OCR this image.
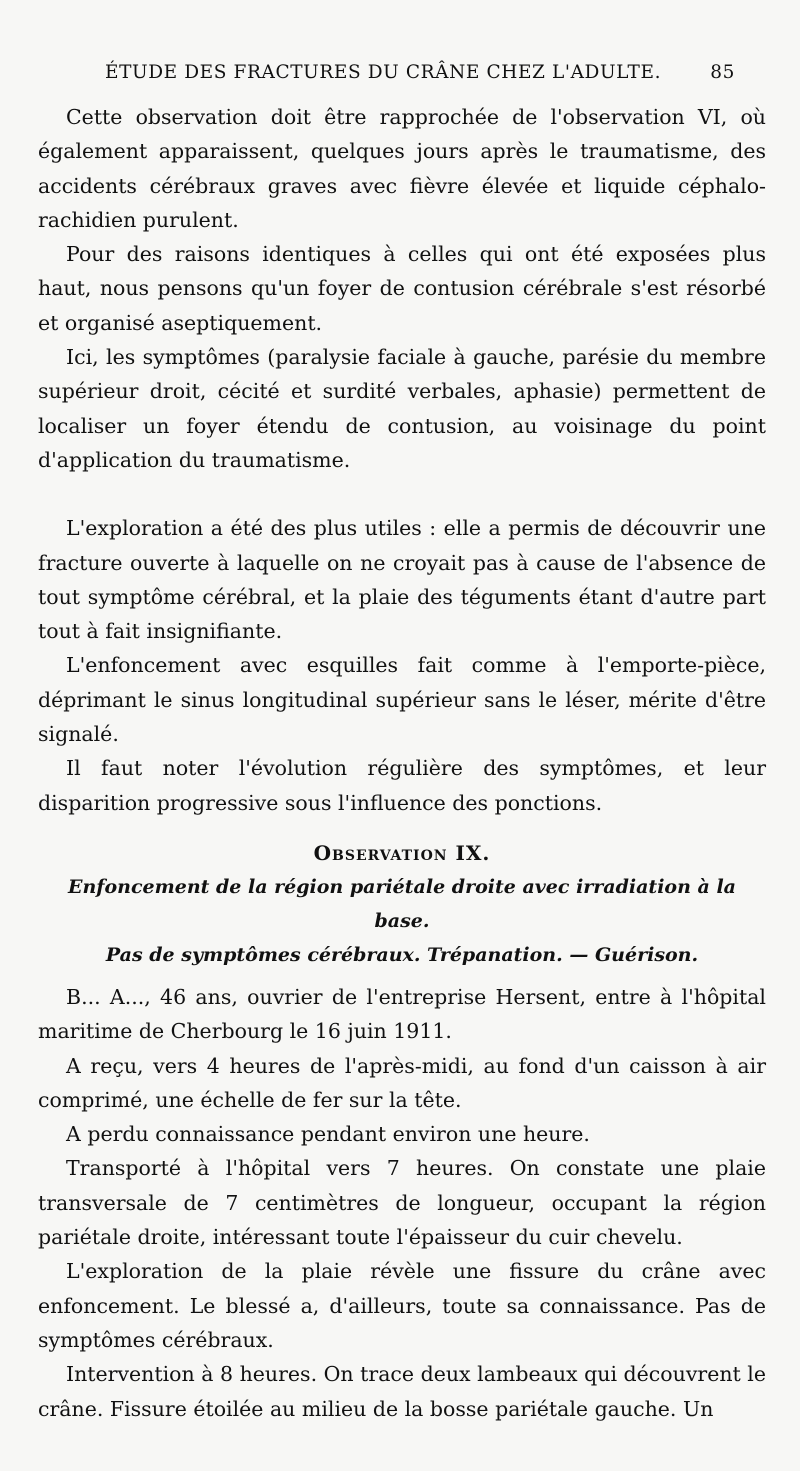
ÉTUDE DES FRACTURES DU CRÂNE CHEZ L'ADULTE.	85

Cette observation doit être rapprochée de l'observation VI, où également apparaissent, quelques jours après le traumatisme, des accidents cérébraux graves avec fièvre élevée et liquide céphalo-rachidien purulent.

Pour des raisons identiques à celles qui ont été exposées plus haut, nous pensons qu'un foyer de contusion cérébrale s'est résorbé et organisé aseptiquement.

Ici, les symptômes (paralysie faciale à gauche, parésie du membre supérieur droit, cécité et surdité verbales, aphasie) permettent de localiser un foyer étendu de contusion, au voisinage du point d'application du traumatisme.

L'exploration a été des plus utiles : elle a permis de découvrir une fracture ouverte à laquelle on ne croyait pas à cause de l'absence de tout symptôme cérébral, et la plaie des téguments étant d'autre part tout à fait insignifiante.

L'enfoncement avec esquilles fait comme à l'emporte-pièce, déprimant le sinus longitudinal supérieur sans le léser, mérite d'être signalé.

Il faut noter l'évolution régulière des symptômes, et leur disparition progressive sous l'influence des ponctions.

Observation IX.

Enfoncement de la région pariétale droite avec irradiation à la base.

Pas de symptômes cérébraux. Trépanation. — Guérison.

B... A..., 46 ans, ouvrier de l'entreprise Hersent, entre à l'hôpital maritime de Cherbourg le 16 juin 1911.

A reçu, vers 4 heures de l'après-midi, au fond d'un caisson à air comprimé, une échelle de fer sur la tête.

A perdu connaissance pendant environ une heure.

Transporté à l'hôpital vers 7 heures. On constate une plaie transversale de 7 centimètres de longueur, occupant la région pariétale droite, intéressant toute l'épaisseur du cuir chevelu.

L'exploration de la plaie révèle une fissure du crâne avec enfoncement. Le blessé a, d'ailleurs, toute sa connaissance. Pas de symptômes cérébraux.

Intervention à 8 heures. On trace deux lambeaux qui découvrent le crâne. Fissure étoilée au milieu de la bosse pariétale gauche. Un
